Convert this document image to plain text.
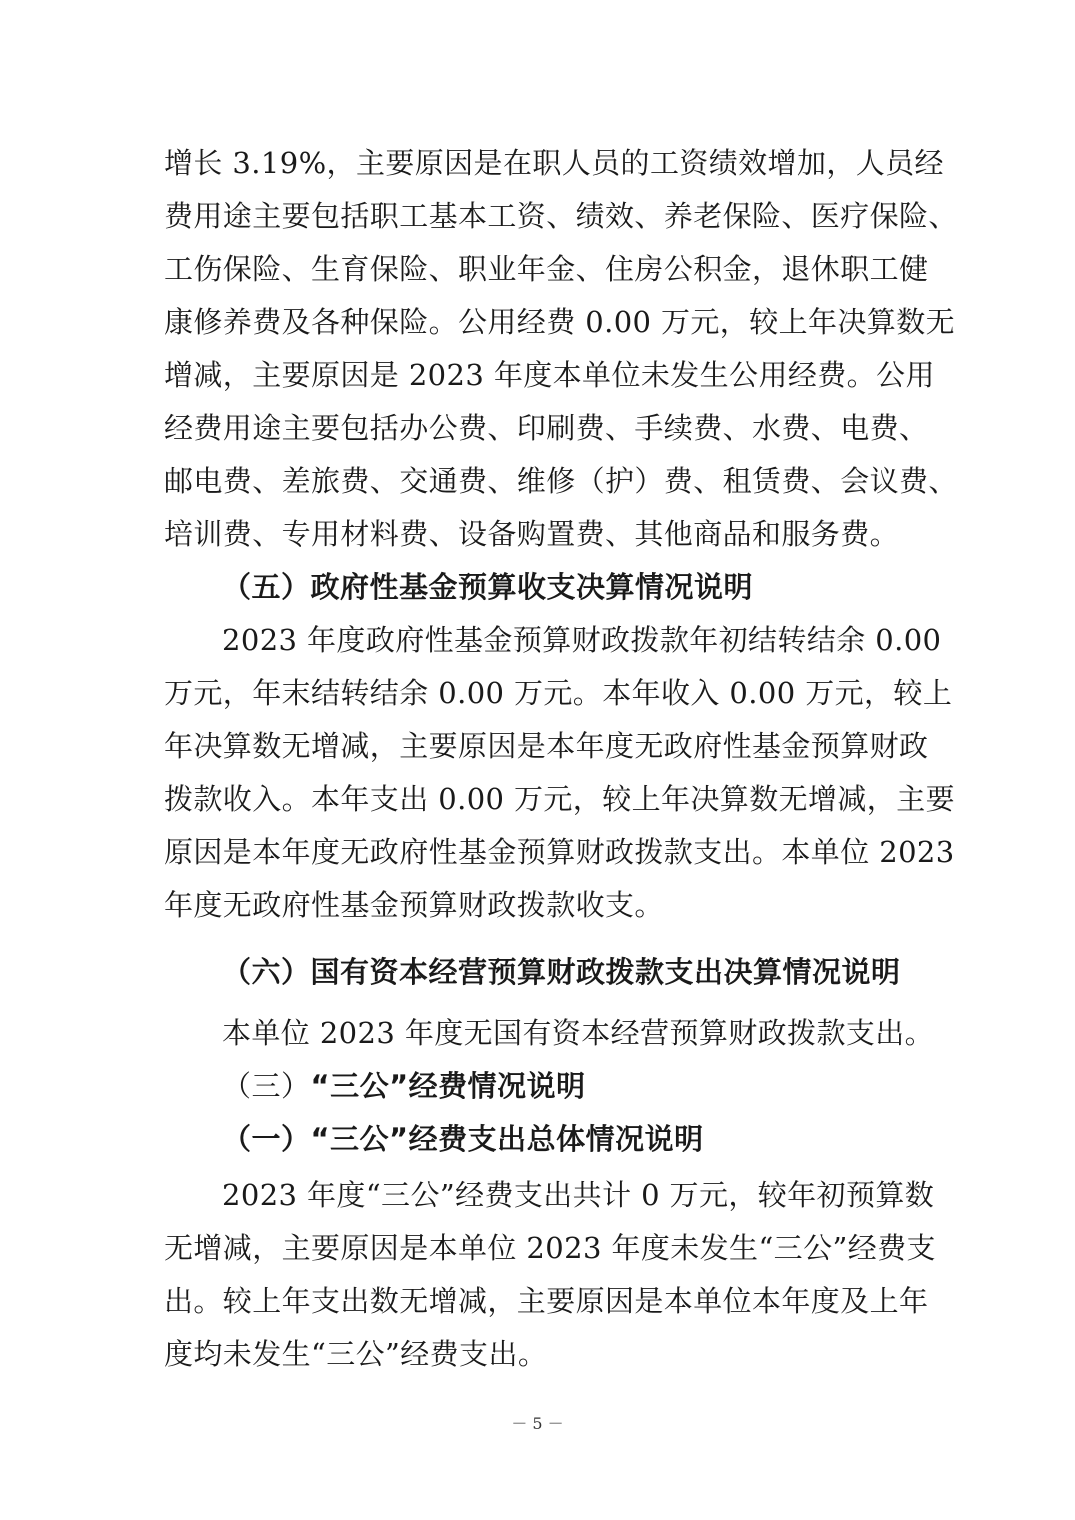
增长 3.19%，主要原因是在职人员的工资绩效增加，人员经
费用途主要包括职工基本工资、绩效、养老保险、医疗保险、
工伤保险、生育保险、职业年金、住房公积金，退休职工健
康修养费及各种保险。公用经费 0.00 万元，较上年决算数无
增减，主要原因是 2023 年度本单位未发生公用经费。公用
经费用途主要包括办公费、印刷费、手续费、水费、电费、
邮电费、差旅费、交通费、维修（护）费、租赁费、会议费、
培训费、专用材料费、设备购置费、其他商品和服务费。
（五）政府性基金预算收支决算情况说明
2023 年度政府性基金预算财政拨款年初结转结余 0.00
万元，年末结转结余 0.00 万元。本年收入 0.00 万元，较上
年决算数无增减，主要原因是本年度无政府性基金预算财政
拨款收入。本年支出 0.00 万元，较上年决算数无增减，主要
原因是本年度无政府性基金预算财政拨款支出。本单位 2023
年度无政府性基金预算财政拨款收支。
（六）国有资本经营预算财政拨款支出决算情况说明
本单位 2023 年度无国有资本经营预算财政拨款支出。
（三）“三公”经费情况说明
（一）“三公”经费支出总体情况说明
2023 年度“三公”经费支出共计 0 万元，较年初预算数
无增减，主要原因是本单位 2023 年度未发生“三公”经费支
出。较上年支出数无增减，主要原因是本单位本年度及上年
度均未发生“三公”经费支出。
－ 5 －
